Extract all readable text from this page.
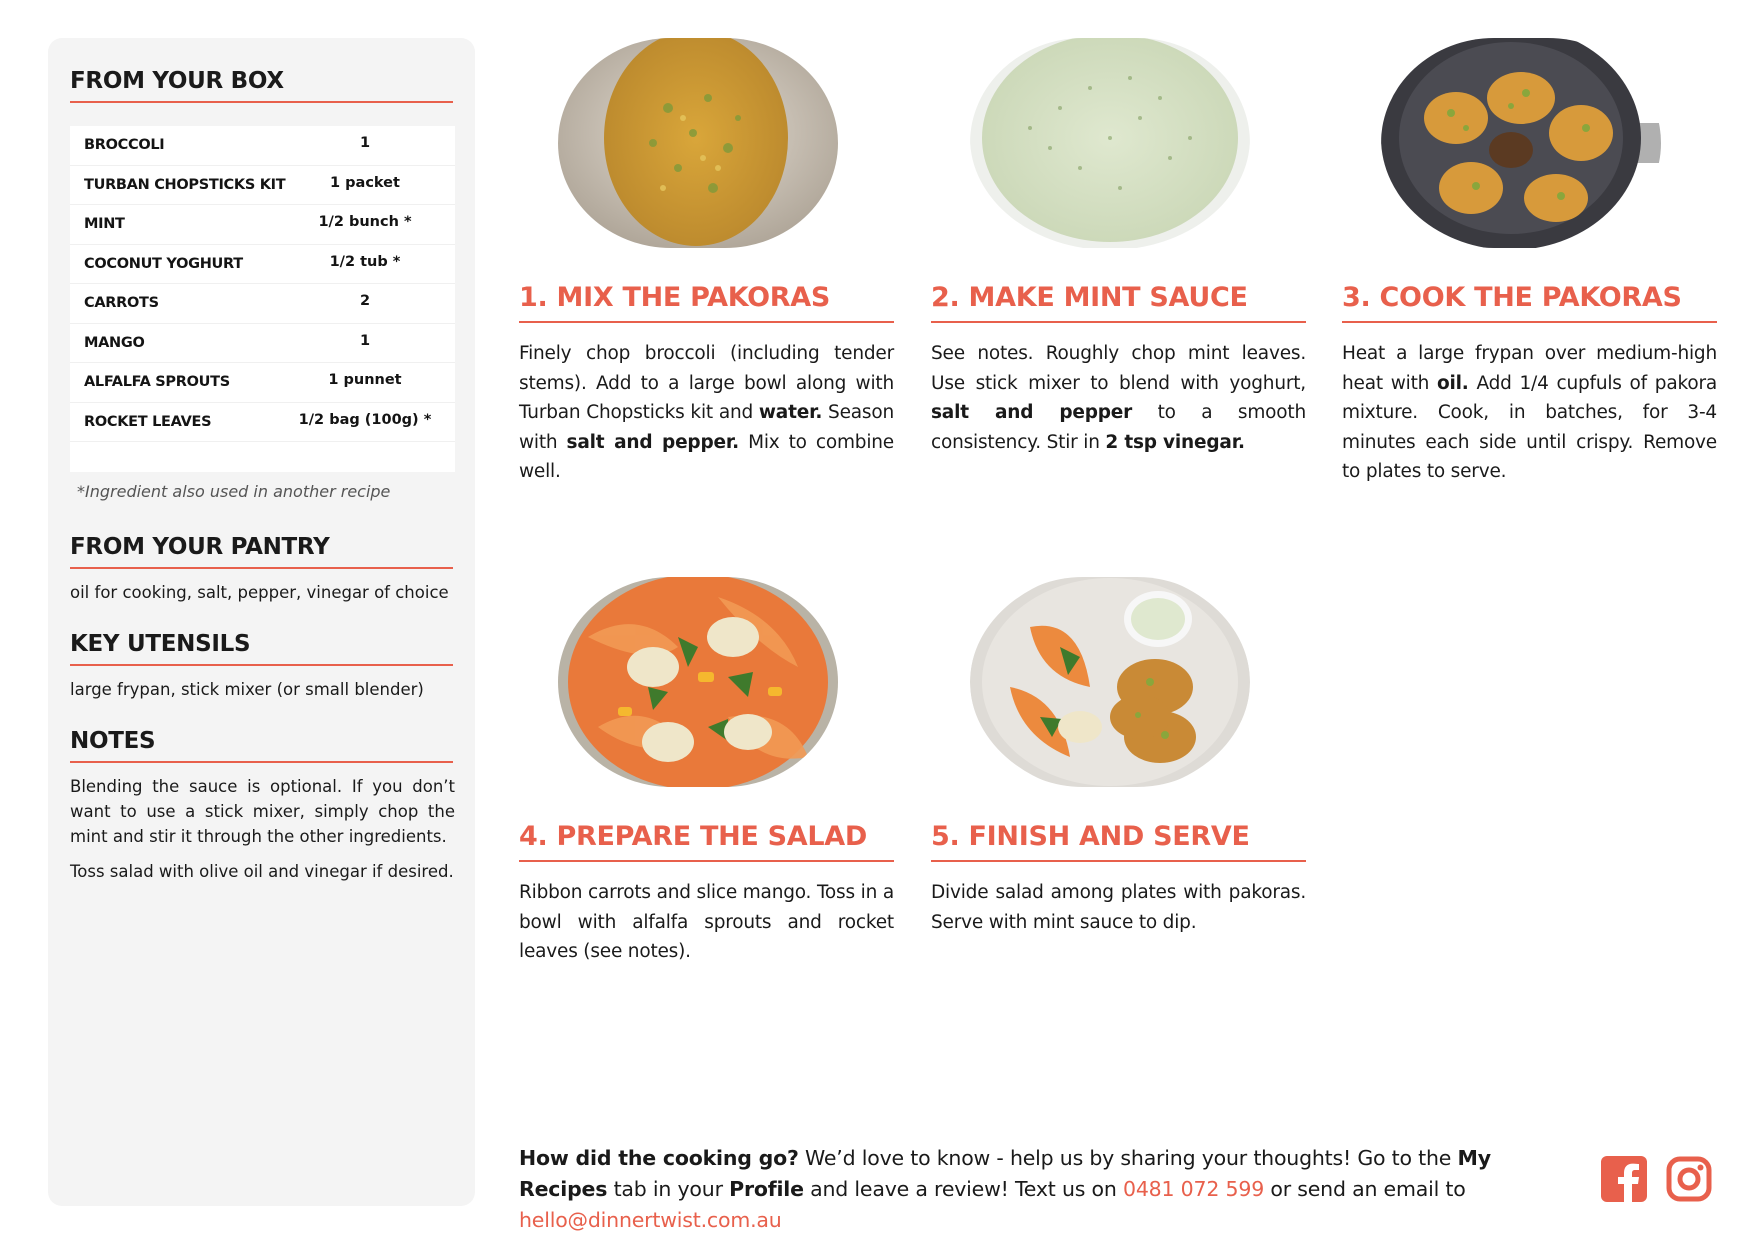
FROM YOUR BOX
BROCCOLI	1
TURBAN CHOPSTICKS KIT	1 packet
MINT	1/2 bunch *
COCONUT YOGHURT	1/2 tub *
CARROTS	2
MANGO	1
ALFALFA SPROUTS	1 punnet
ROCKET LEAVES	1/2 bag (100g) *
*Ingredient also used in another recipe
FROM YOUR PANTRY
oil for cooking, salt, pepper, vinegar of choice
KEY UTENSILS
large frypan, stick mixer (or small blender)
NOTES

Blending the sauce is optional. If you don’t want to use a stick mixer, simply chop the mint and stir it through the other ingredients.

Toss salad with olive oil and vinegar if desired.

1. MIX THE PAKORAS
Finely chop broccoli (including tender stems). Add to a large bowl along with Turban Chopsticks kit and water. Season with salt and pepper. Mix to combine well.
2. MAKE MINT SAUCE
See notes. Roughly chop mint leaves. Use stick mixer to blend with yoghurt, salt and pepper to a smooth consistency. Stir in 2 tsp vinegar.
3. COOK THE PAKORAS
Heat a large frypan over medium-high heat with oil. Add 1/4 cupfuls of pakora mixture. Cook, in batches, for 3-4 minutes each side until crispy. Remove to plates to serve.
4. PREPARE THE SALAD
Ribbon carrots and slice mango. Toss in a bowl with alfalfa sprouts and rocket leaves (see notes).
5. FINISH AND SERVE
Divide salad among plates with pakoras. Serve with mint sauce to dip.
How did the cooking go? We’d love to know - help us by sharing your thoughts! Go to the My Recipes tab in your Profile and leave a review! Text us on 0481 072 599 or send an email to hello@dinnertwist.com.au
